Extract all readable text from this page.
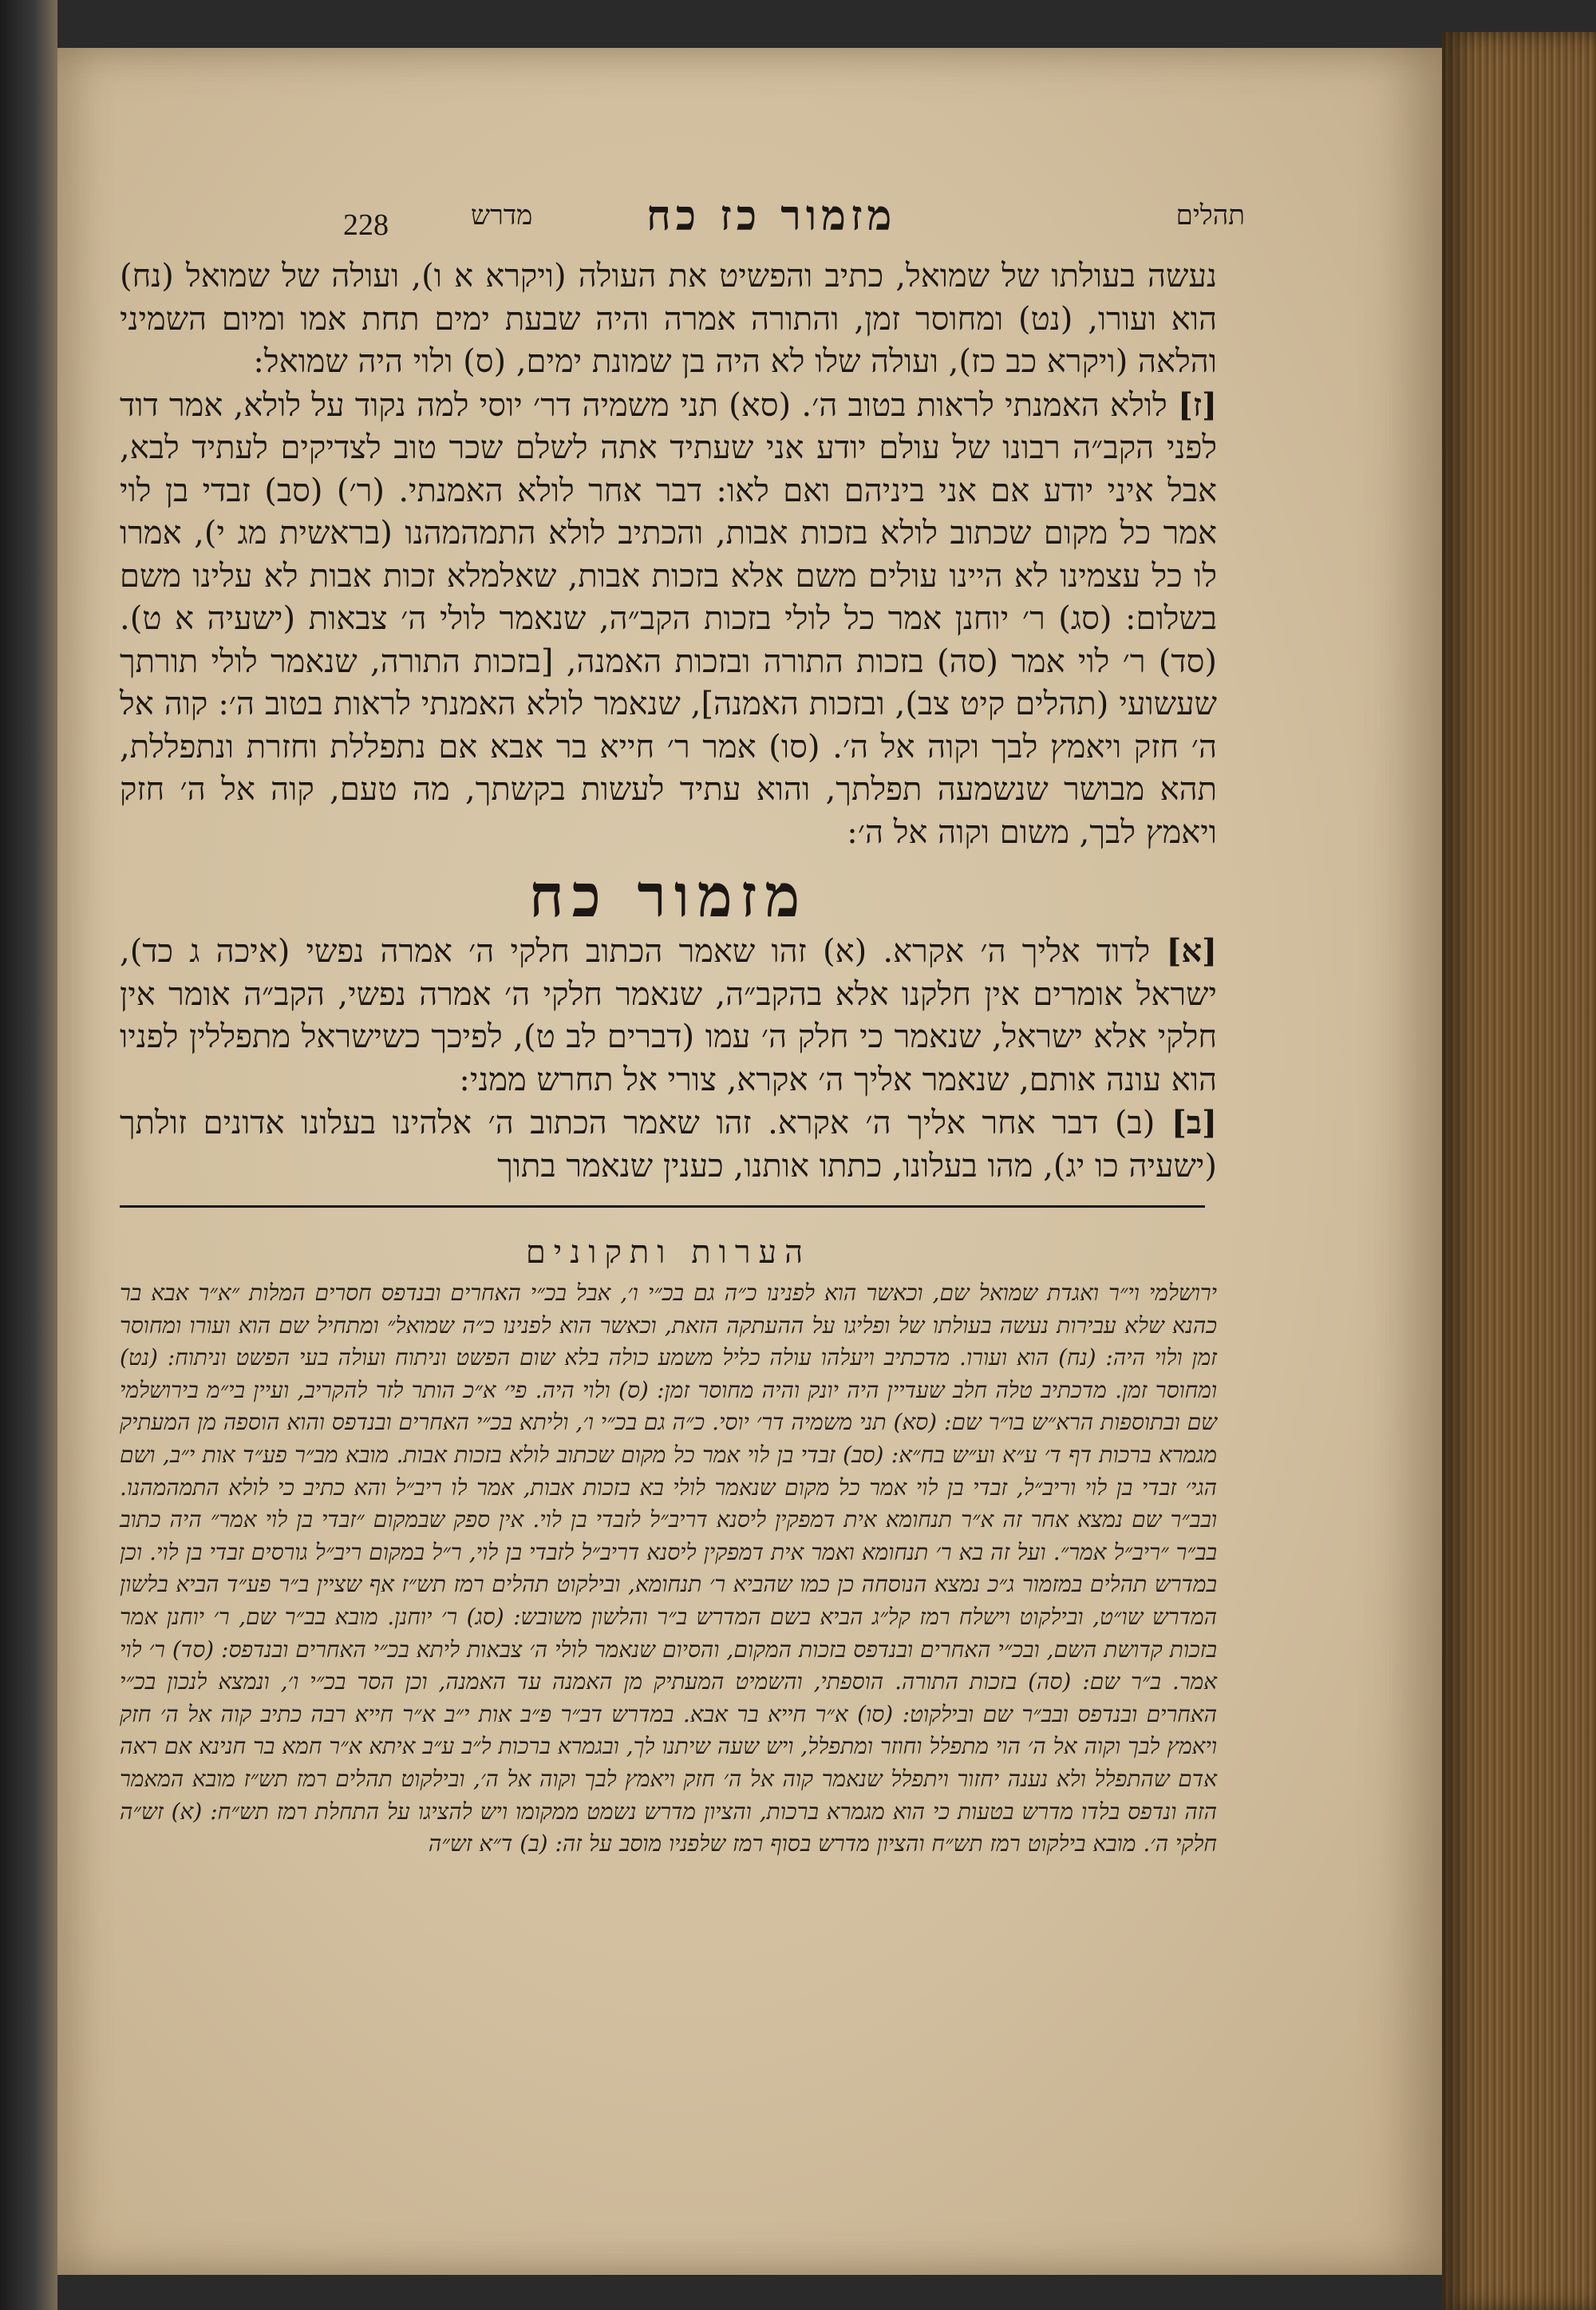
228	מדרש	מזמור כז כח	תהלים

נעשה בעולתו של שמואל, כתיב והפשיט את העולה (ויקרא א ו), ועולה של שמואל (נח) הוא ועורו, (נט) ומחוסר זמן, והתורה אמרה והיה שבעת ימים תחת אמו ומיום השמיני והלאה (ויקרא כב כז), ועולה שלו לא היה בן שמונת ימים, (ס) ולוי היה שמואל:

[ז] לולא האמנתי לראות בטוב ה׳. (סא) תני משמיה דר׳ יוסי למה נקוד על לולא, אמר דוד לפני הקב״ה רבונו של עולם יודע אני שעתיד אתה לשלם שכר טוב לצדיקים לעתיד לבא, אבל איני יודע אם אני ביניהם ואם לאו: דבר אחר לולא האמנתי. (ר׳) (סב) זבדי בן לוי אמר כל מקום שכתוב לולא בזכות אבות, והכתיב לולא התמהמהנו (בראשית מג י), אמרו לו כל עצמינו לא היינו עולים משם אלא בזכות אבות, שאלמלא זכות אבות לא עלינו משם בשלום: (סג) ר׳ יוחנן אמר כל לולי בזכות הקב״ה, שנאמר לולי ה׳ צבאות (ישעיה א ט). (סד) ר׳ לוי אמר (סה) בזכות התורה ובזכות האמנה, [בזכות התורה, שנאמר לולי תורתך שעשועי (תהלים קיט צב), ובזכות האמנה], שנאמר לולא האמנתי לראות בטוב ה׳: קוה אל ה׳ חזק ויאמץ לבך וקוה אל ה׳. (סו) אמר ר׳ חייא בר אבא אם נתפללת וחזרת ונתפללת, תהא מבושר שנשמעה תפלתך, והוא עתיד לעשות בקשתך, מה טעם, קוה אל ה׳ חזק ויאמץ לבך, משום וקוה אל ה׳:

מזמור כח

[א] לדוד אליך ה׳ אקרא. (א) זהו שאמר הכתוב חלקי ה׳ אמרה נפשי (איכה ג כד), ישראל אומרים אין חלקנו אלא בהקב״ה, שנאמר חלקי ה׳ אמרה נפשי, הקב״ה אומר אין חלקי אלא ישראל, שנאמר כי חלק ה׳ עמו (דברים לב ט), לפיכך כשישראל מתפללין לפניו הוא עונה אותם, שנאמר אליך ה׳ אקרא, צורי אל תחרש ממני:

[ב] (ב) דבר אחר אליך ה׳ אקרא. זהו שאמר הכתוב ה׳ אלהינו בעלונו אדונים זולתך (ישעיה כו יג), מהו בעלונו, כתתו אותנו, כענין שנאמר בתוך

הערות ותקונים
ירושלמי וי״ר ואגדת שמואל שם, וכאשר הוא לפנינו כ״ה גם בכ״י ו׳, אבל בכ״י האחרים ובנדפס חסרים המלות ״א״ר אבא בר כהנא שלא עבירות נעשה בעולתו של ופליגו על ההעתקה הזאת, וכאשר הוא לפנינו כ״ה שמואל״ ומתחיל שם הוא ועורו ומחוסר זמן ולוי היה: (נח) הוא ועורו. מדכתיב ויעלהו עולה כליל משמע כולה בלא שום הפשט וניתוח ועולה בעי הפשט וניתוח: (נט) ומחוסר זמן. מדכתיב טלה חלב שעדיין היה יונק והיה מחוסר זמן: (ס) ולוי היה. פי׳ א״כ הותר לזר להקריב, ועיין בי״מ בירושלמי שם ובתוספות הרא״ש בו״ר שם: (סא) תני משמיה דר׳ יוסי. כ״ה גם בכ״י ו׳, וליתא בכ״י האחרים ובנדפס והוא הוספה מן המעתיק מגמרא ברכות דף ד׳ ע״א וע״ש בח״א: (סב) זבדי בן לוי אמר כל מקום שכתוב לולא בזכות אבות. מובא מב״ר פע״ד אות י״ב, ושם הגי׳ זבדי בן לוי וריב״ל, זבדי בן לוי אמר כל מקום שנאמר לולי בא בזכות אבות, אמר לו ריב״ל והא כתיב כי לולא התמהמהנו. ובב״ר שם נמצא אחר זה א״ר תנחומא אית דמפקין ליסנא דריב״ל לזבדי בן לוי. אין ספק שבמקום ״זבדי בן לוי אמר״ היה כתוב בב״ר ״ריב״ל אמר״. ועל זה בא ר׳ תנחומא ואמר אית דמפקין ליסנא דריב״ל לזבדי בן לוי, ר״ל במקום ריב״ל גורסים זבדי בן לוי. וכן במדרש תהלים במזמור ג״כ נמצא הנוסחה כן כמו שהביא ר׳ תנחומא, ובילקוט תהלים רמז תש״ז אף שציין ב״ר פע״ד הביא בלשון המדרש שו״ט, ובילקוט וישלח רמז קל״ג הביא בשם המדרש ב״ר והלשון משובש: (סג) ר׳ יוחנן. מובא בב״ר שם, ר׳ יוחנן אמר בזכות קדושת השם, ובכ״י האחרים ובנדפס בזכות המקום, והסיום שנאמר לולי ה׳ צבאות ליתא בכ״י האחרים ובנדפס: (סד) ר׳ לוי אמר. ב״ר שם: (סה) בזכות התורה. הוספתי, והשמיט המעתיק מן האמנה עד האמנה, וכן הסר בכ״י ו׳, ונמצא לנכון בכ״י האחרים ובנדפס ובב״ר שם ובילקוט: (סו) א״ר חייא בר אבא. במדרש דב״ר פ״ב אות י״ב א״ר חייא רבה כתיב קוה אל ה׳ חזק ויאמץ לבך וקוה אל ה׳ הוי מתפלל וחוזר ומתפלל, ויש שעה שיתנו לך, ובגמרא ברכות ל״ב ע״ב איתא א״ר חמא בר חנינא אם ראה אדם שהתפלל ולא נענה יחזור ויתפלל שנאמר קוה אל ה׳ חזק ויאמץ לבך וקוה אל ה׳, ובילקוט תהלים רמז תש״ז מובא המאמר הזה ונדפס בלדו מדרש בטעות כי הוא מגמרא ברכות, והציון מדרש נשמט ממקומו ויש להציגו על התחלת רמז תש״ח: (א) זש״ה חלקי ה׳. מובא בילקוט רמז תש״ח והציון מדרש בסוף רמז שלפניו מוסב על זה: (ב) ד״א זש״ה
